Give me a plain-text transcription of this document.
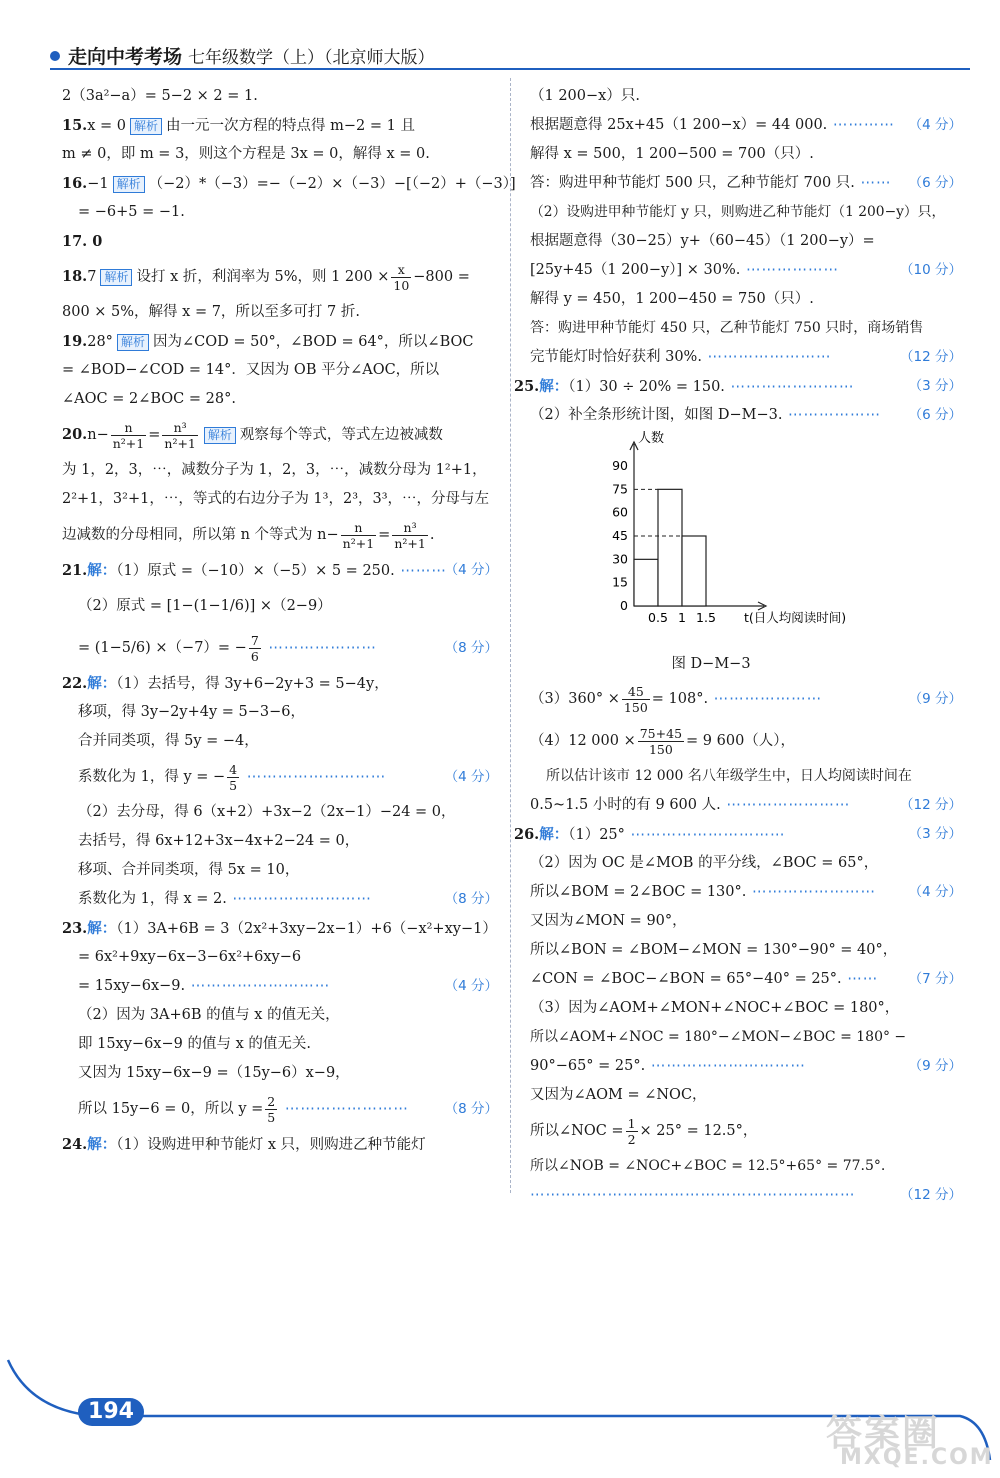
走向中考考场 七年级数学（上）（北京师大版）
2（3a²−a）= 5−2 × 2 = 1.
15.x = 0 解析 由一元一次方程的特点得 m−2 = 1 且
m ≠ 0，即 m = 3，则这个方程是 3x = 0，解得 x = 0.
16.−1 解析 （−2）*（−3）=−（−2）×（−3）−[（−2）+（−3）]
= −6+5 = −1.
17. 0
18.7 解析 设打 x 折，利润率为 5%，则 1 $200 \times \frac{x}{10} -800$ =
800 × 5%，解得 x = 7，所以至多可打 7 折.
19.28° 解析 因为∠COD = 50°，∠BOD = 64°，所以∠BOC
= ∠BOD−∠COD = 14°．又因为 OB 平分∠AOC，所以
∠AOC = 2∠BOC = 28°.
$20.n- \frac{n}{\text{n²+1}} = \frac{\text{n³}}{\text{n²+1}}$ 解析 观察每个等式，等式左边被减数
为 1，2，3，⋯，减数分子为 1，2，3，⋯，减数分母为 1²+1，
2²+1，3²+1，⋯，等式的右边分子为 1³，2³，3³，⋯，分母与左
边减数的分母相同，所以第 n 个等式为 $n- \frac{n}{\text{n²+1}} = \frac{\text{n³}}{\text{n²+1}}$ .
21.解：（1）原式 =（−10）×（−5）× 5 = 250. ⋯⋯⋯
（4 分）
（2）原式 = [1−(1−1/6)] ×（2−9）
= $(1-5/6) \times(-7)= - \frac{7}{6}$ ⋯⋯⋯⋯⋯⋯⋯	（8 分）
22.解：（1）去括号，得 3y+6−2y+3 = 5−4y，
移项，得 3y−2y+4y = 5−3−6，
合并同类项，得 5y = −4，
系数化为 1，得 y = − $\frac{4}{5}$ ⋯⋯⋯⋯⋯⋯⋯⋯⋯	（4 分）
（2）去分母，得 6（x+2）+3x−2（2x−1）−24 = 0，
去括号，得 6x+12+3x−4x+2−24 = 0，
移项、合并同类项，得 5x = 10，
系数化为 1，得 x = 2. ⋯⋯⋯⋯⋯⋯⋯⋯⋯	（8 分）
23.解：（1）3A+6B = 3（2x²+3xy−2x−1）+6（−x²+xy−1）
= 6x²+9xy−6x−3−6x²+6xy−6
= 15xy−6x−9. ⋯⋯⋯⋯⋯⋯⋯⋯⋯	（4 分）
（2）因为 3A+6B 的值与 x 的值无关，
即 15xy−6x−9 的值与 x 的值无关.
又因为 15xy−6x−9 =（15y−6）x−9，
所以 15y−6 = 0，所以 $y = \frac{2}{5}$ ⋯⋯⋯⋯⋯⋯⋯⋯	（8 分）
24.解：（1）设购进甲种节能灯 x 只，则购进乙种节能灯
（1 200−x）只.
根据题意得 25x+45（1 200−x）= 44 000. ⋯⋯⋯⋯ （4 分）
解得 x = 500，1 200−500 = 700（只）.
答：购进甲种节能灯 500 只，乙种节能灯 700 只. ⋯⋯ （6 分）
（2）设购进甲种节能灯 y 只，则购进乙种节能灯（1 200−y）只，
根据题意得（30−25）y+（60−45）（1 200−y）=
[25y+45（1 200−y）] × 30%. ⋯⋯⋯⋯⋯⋯	（10 分）
解得 y = 450，1 200−450 = 750（只）.
答：购进甲种节能灯 450 只，乙种节能灯 750 只时，商场销售
完节能灯时恰好获利 30%. ⋯⋯⋯⋯⋯⋯⋯⋯	（12 分）
25.解：（1）30 ÷ 20% = 150. ⋯⋯⋯⋯⋯⋯⋯⋯	（3 分）
（2）补全条形统计图，如图 D−M−3. ⋯⋯⋯⋯⋯⋯ （6 分）
人数
0
15
30
45
60
75
90
0.5 1 1.5 t(日人均阅读时间)
图 D−M−3
$(3)360^\circ \times \frac{45}{150} = 108^\circ$. ⋯⋯⋯⋯⋯⋯⋯	（9 分）
（4）12 $000 \times \frac{75+45}{150} = 9$ 600（人），
所以估计该市 12 000 名八年级学生中，日人均阅读时间在
0.5~1.5 小时的有 9 600 人. ⋯⋯⋯⋯⋯⋯⋯⋯	（12 分）
26.解：（1）25° ⋯⋯⋯⋯⋯⋯⋯⋯⋯⋯	（3 分）
（2）因为 OC 是∠MOB 的平分线，∠BOC = 65°，
所以∠BOM = 2∠BOC = 130°. ⋯⋯⋯⋯⋯⋯⋯⋯ （4 分）
又因为∠MON = 90°，
所以∠BON = ∠BOM−∠MON = 130°−90° = 40°，
∠CON = ∠BOC−∠BON = 65°−40° = 25°. ⋯⋯ （7 分）
（3）因为∠AOM+∠MON+∠NOC+∠BOC = 180°，
所以∠AOM+∠NOC = 180°−∠MON−∠BOC = 180° −
90°−65° = 25°. ⋯⋯⋯⋯⋯⋯⋯⋯⋯⋯	（9 分）
又因为∠AOM = ∠NOC，
所以∠NOC = $\frac{1}{2} \times 25^\circ = 12.5^\circ$，
所以∠NOB = ∠NOC+∠BOC = 12.5°+65° = 77.5°.
⋯⋯⋯⋯⋯⋯⋯⋯⋯⋯⋯⋯⋯⋯⋯⋯⋯⋯⋯⋯⋯	（12 分）
194
答案圈
MXQE.COM
